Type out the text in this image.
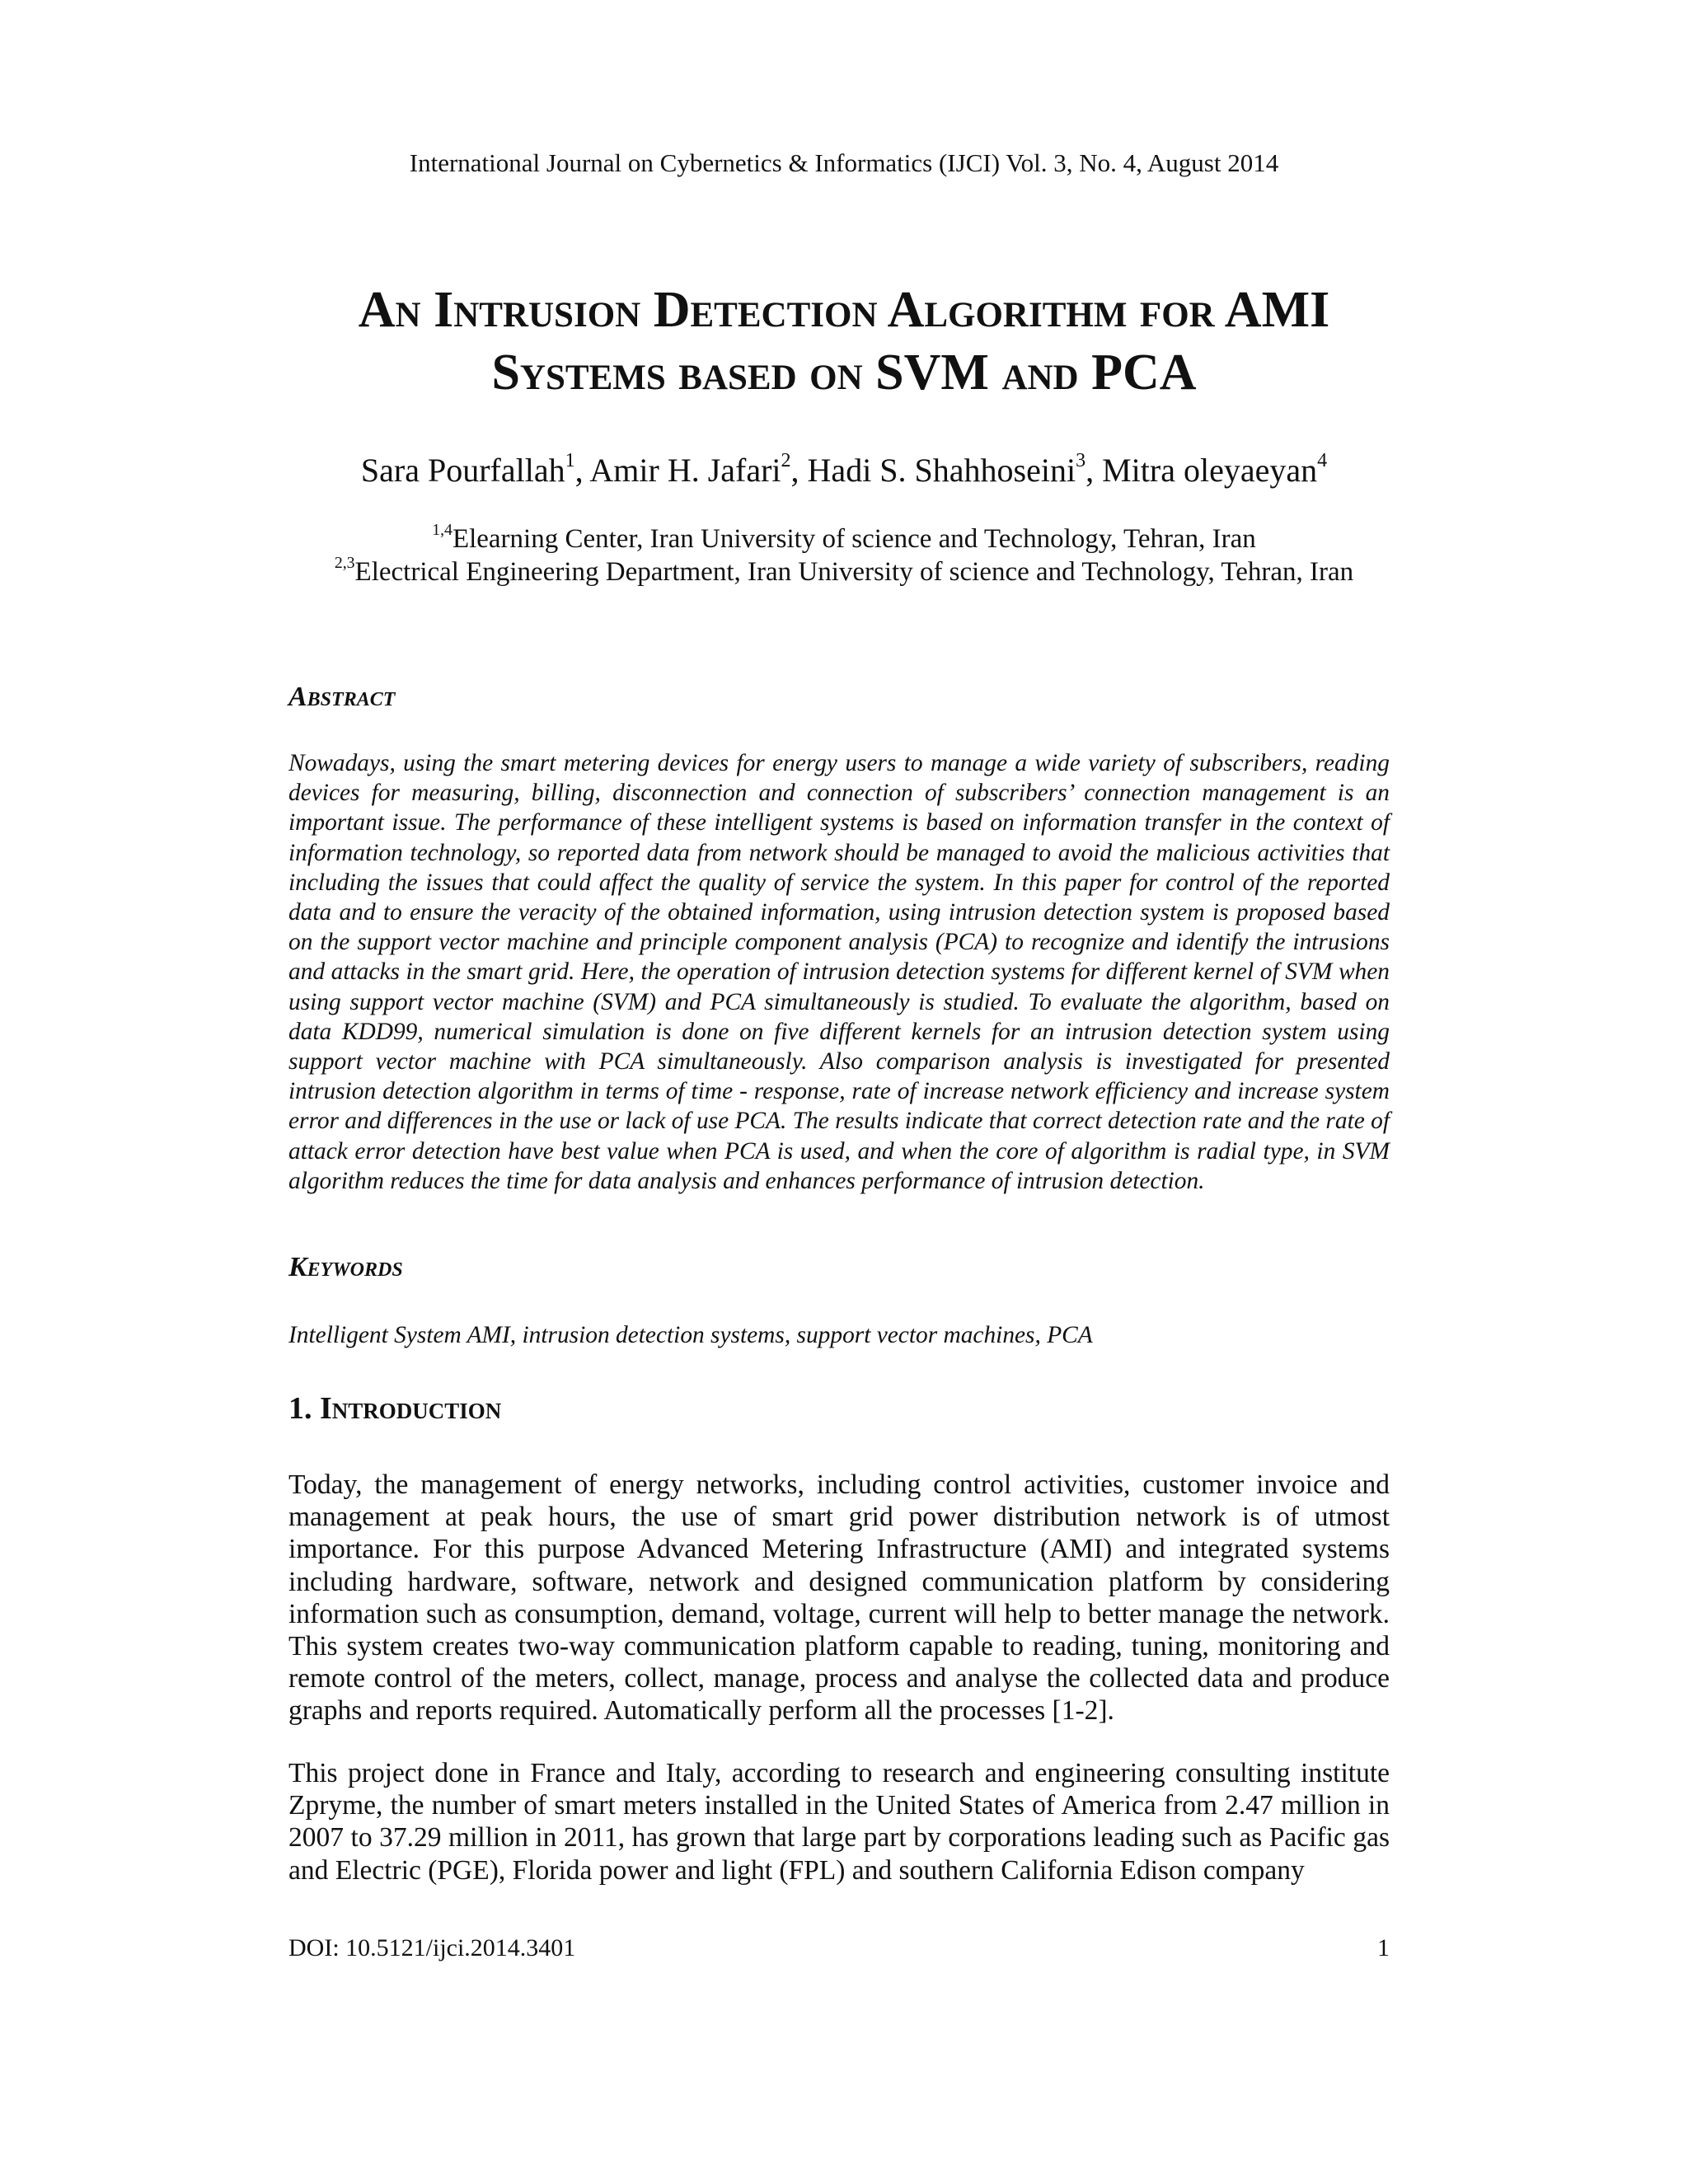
International Journal on Cybernetics & Informatics (IJCI) Vol. 3, No. 4, August 2014
An Intrusion Detection Algorithm for AMI
Systems based on SVM and PCA
Sara Pourfallah$^1$, Amir H. Jafari$^2$, Hadi S. Shahhoseini$^3$, Mitra oleyaeyan$^4$
$^{1,4}$Elearning Center, Iran University of science and Technology, Tehran, Iran
$^{2,3}$Electrical Engineering Department, Iran University of science and Technology, Tehran, Iran
Abstract

Nowadays, using the smart metering devices for energy users to manage a wide variety of subscribers, reading devices for measuring, billing, disconnection and connection of subscribers’ connection management is an important issue. The performance of these intelligent systems is based on information transfer in the context of information technology, so reported data from network should be managed to avoid the malicious activities that including the issues that could affect the quality of service the system. In this paper for control of the reported data and to ensure the veracity of the obtained information, using intrusion detection system is proposed based on the support vector machine and principle component analysis (PCA) to recognize and identify the intrusions and attacks in the smart grid. Here, the operation of intrusion detection systems for different kernel of SVM when using support vector machine (SVM) and PCA simultaneously is studied. To evaluate the algorithm, based on data KDD99, numerical simulation is done on five different kernels for an intrusion detection system using support vector machine with PCA simultaneously. Also comparison analysis is investigated for presented intrusion detection algorithm in terms of time - response, rate of increase network efficiency and increase system error and differences in the use or lack of use PCA. The results indicate that correct detection rate and the rate of attack error detection have best value when PCA is used, and when the core of algorithm is radial type, in SVM algorithm reduces the time for data analysis and enhances performance of intrusion detection.

Keywords

Intelligent System AMI, intrusion detection systems, support vector machines, PCA

1. Introduction

Today, the management of energy networks, including control activities, customer invoice and management at peak hours, the use of smart grid power distribution network is of utmost importance. For this purpose Advanced Metering Infrastructure (AMI) and integrated systems including hardware, software, network and designed communication platform by considering information such as consumption, demand, voltage, current will help to better manage the network. This system creates two-way communication platform capable to reading, tuning, monitoring and remote control of the meters, collect, manage, process and analyse the collected data and produce graphs and reports required. Automatically perform all the processes [1-2].

This project done in France and Italy, according to research and engineering consulting institute Zpryme, the number of smart meters installed in the United States of America from 2.47 million in 2007 to 37.29 million in 2011, has grown that large part by corporations leading such as Pacific gas and Electric (PGE), Florida power and light (FPL) and southern California Edison company

DOI: 10.5121/ijci.2014.3401	1
